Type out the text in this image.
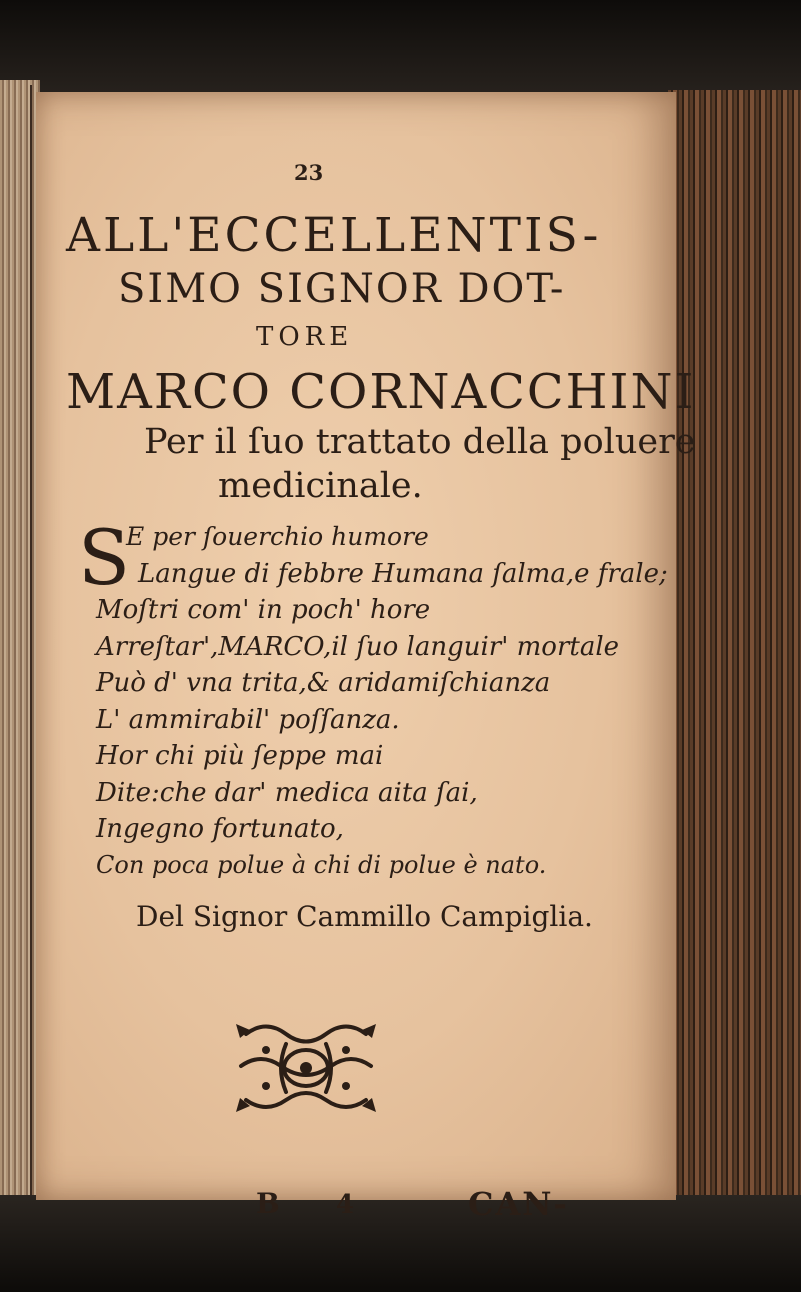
23
ALL'ECCELLENTIS-
SIMO SIGNOR DOT-
TORE
MARCO CORNACCHINI
Per il ſuo trattato della poluere
medicinale.
S
E per ſouerchio humore
Langue di febbre Humana ſalma,e frale;
Moſtri com' in poch' hore
Arreſtar',MARCO,il ſuo languir' mortale
Può d' vna trita,& aridamiſchianza
L' ammirabil' poſſanza.
Hor chi più ſeppe mai
Dite:che dar' medica aita ſai,
Ingegno fortunato,
Con poca polue à chi di polue è nato.
Del Signor Cammillo Campiglia.
B 4	CAN-
